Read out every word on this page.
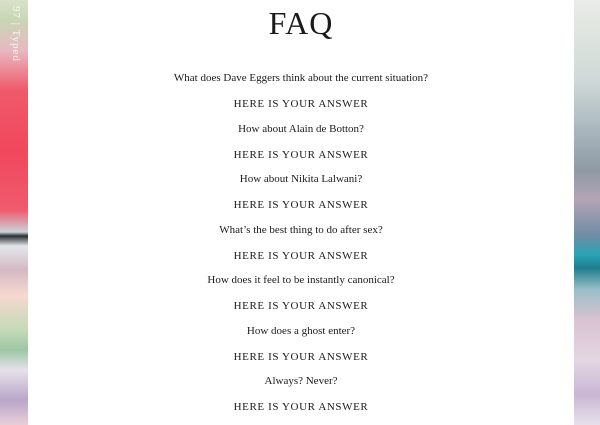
97 | Typed	FAQ

What does Dave Eggers think about the current situation?

HERE IS YOUR ANSWER

How about Alain de Botton?

HERE IS YOUR ANSWER

How about Nikita Lalwani?

HERE IS YOUR ANSWER

What’s the best thing to do after sex?

HERE IS YOUR ANSWER

How does it feel to be instantly canonical?

HERE IS YOUR ANSWER

How does a ghost enter?

HERE IS YOUR ANSWER

Always? Never?

HERE IS YOUR ANSWER
